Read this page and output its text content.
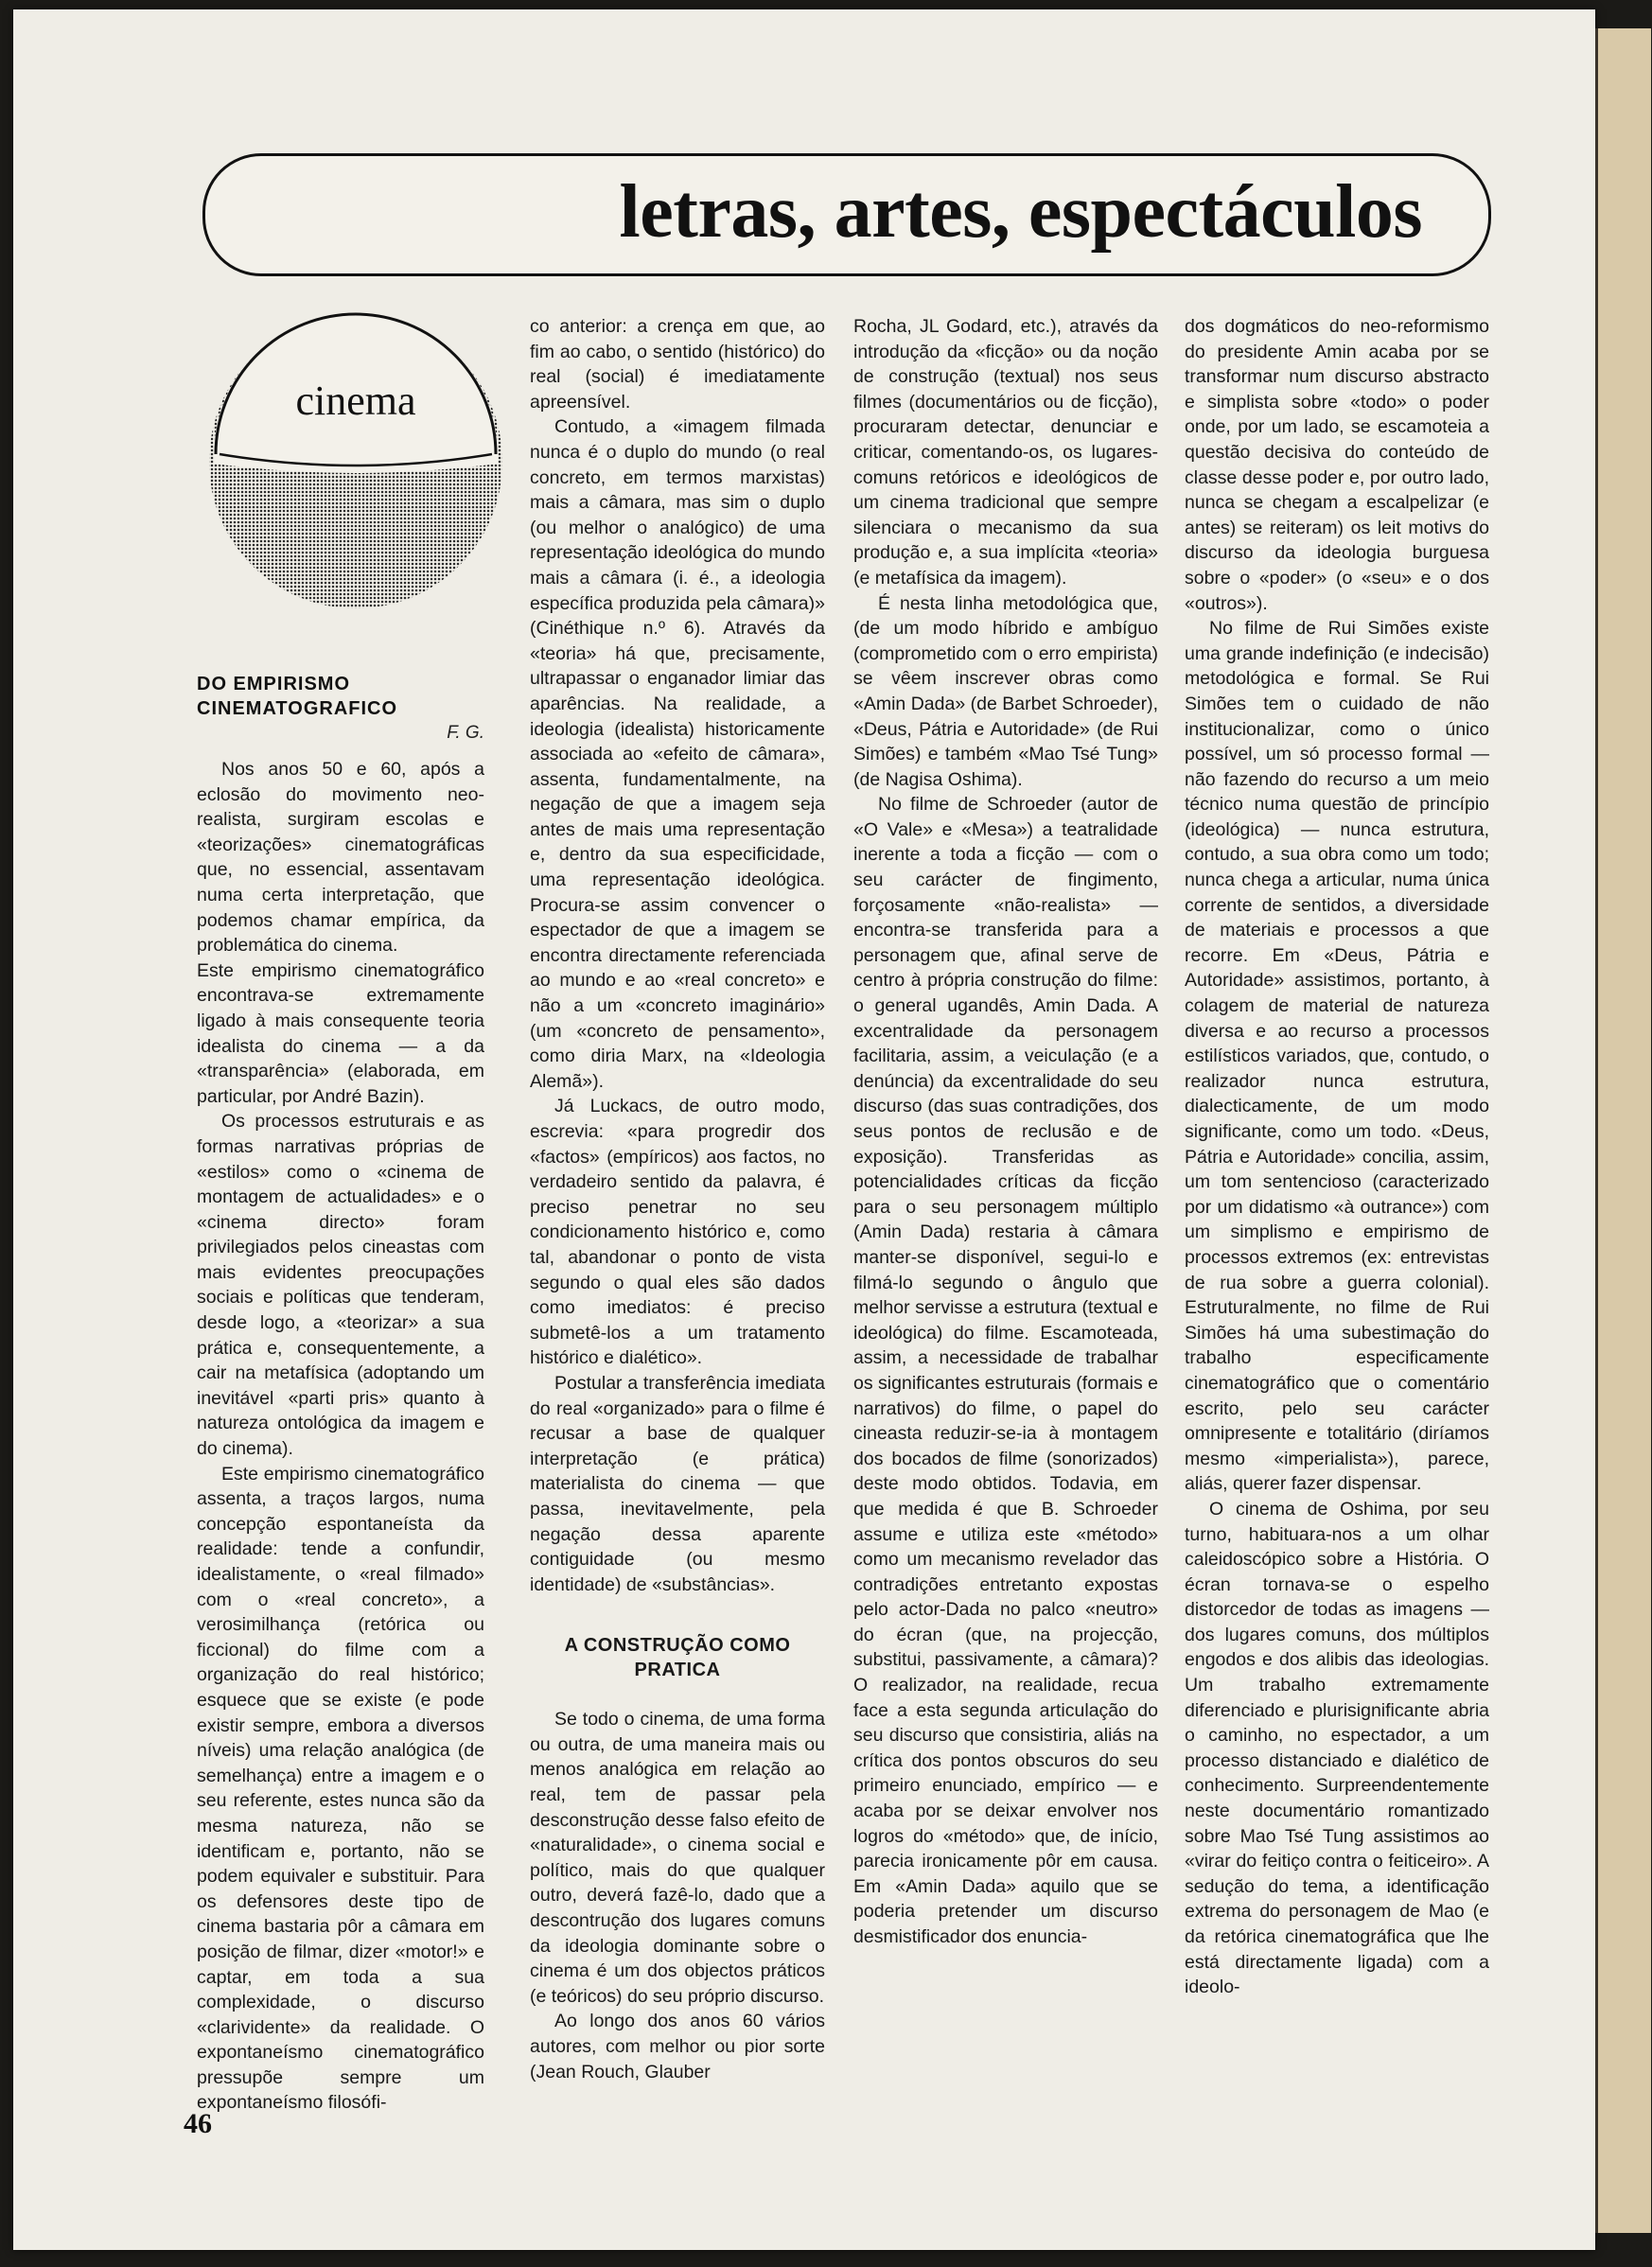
letras, artes, espectáculos
cinema
DO EMPIRISMO CINEMATOGRAFICO
F. G.

Nos anos 50 e 60, após a eclosão do movimento neo-realista, surgiram escolas e «teorizações» cinematográficas que, no essencial, assentavam numa certa interpretação, que podemos chamar empírica, da problemática do cinema.

Este empirismo cinematográfico encontrava-se extremamente ligado à mais consequente teoria idealista do cinema — a da «transparência» (elaborada, em particular, por André Bazin).

Os processos estruturais e as formas narrativas próprias de «estilos» como o «cinema de montagem de actualidades» e o «cinema directo» foram privilegiados pelos cineastas com mais evidentes preocupações sociais e políticas que tenderam, desde logo, a «teorizar» a sua prática e, consequentemente, a cair na metafísica (adoptando um inevitável «parti pris» quanto à natureza ontológica da imagem e do cinema).

Este empirismo cinematográfico assenta, a traços largos, numa concepção espontaneísta da realidade: tende a confundir, idealistamente, o «real filmado» com o «real concreto», a verosimilhança (retórica ou ficcional) do filme com a organização do real histórico; esquece que se existe (e pode existir sempre, embora a diversos níveis) uma relação analógica (de semelhança) entre a imagem e o seu referente, estes nunca são da mesma natureza, não se identificam e, portanto, não se podem equivaler e substituir. Para os defensores deste tipo de cinema bastaria pôr a câmara em posição de filmar, dizer «motor!» e captar, em toda a sua complexidade, o discurso «clarividente» da realidade. O expontaneísmo cinematográfico pressupõe sempre um expontaneísmo filosófi-

co anterior: a crença em que, ao fim ao cabo, o sentido (histórico) do real (social) é imediatamente apreensível.

Contudo, a «imagem filmada nunca é o duplo do mundo (o real concreto, em termos marxistas) mais a câmara, mas sim o duplo (ou melhor o analógico) de uma representação ideológica do mundo mais a câmara (i. é., a ideologia específica produzida pela câmara)» (Cinéthique n.º 6). Através da «teoria» há que, precisamente, ultrapassar o enganador limiar das aparências. Na realidade, a ideologia (idealista) historicamente associada ao «efeito de câmara», assenta, fundamentalmente, na negação de que a imagem seja antes de mais uma representação e, dentro da sua especificidade, uma representação ideológica. Procura-se assim convencer o espectador de que a imagem se encontra directamente referenciada ao mundo e ao «real concreto» e não a um «concreto imaginário» (um «concreto de pensamento», como diria Marx, na «Ideologia Alemã»).

Já Luckacs, de outro modo, escrevia: «para progredir dos «factos» (empíricos) aos factos, no verdadeiro sentido da palavra, é preciso penetrar no seu condicionamento histórico e, como tal, abandonar o ponto de vista segundo o qual eles são dados como imediatos: é preciso submetê-los a um tratamento histórico e dialético».

Postular a transferência imediata do real «organizado» para o filme é recusar a base de qualquer interpretação (e prática) materialista do cinema — que passa, inevitavelmente, pela negação dessa aparente contiguidade (ou mesmo identidade) de «substâncias».

A CONSTRUÇÃO COMO PRATICA

Se todo o cinema, de uma forma ou outra, de uma maneira mais ou menos analógica em relação ao real, tem de passar pela desconstrução desse falso efeito de «naturalidade», o cinema social e político, mais do que qualquer outro, deverá fazê-lo, dado que a descontrução dos lugares comuns da ideologia dominante sobre o cinema é um dos objectos práticos (e teóricos) do seu próprio discurso.

Ao longo dos anos 60 vários autores, com melhor ou pior sorte (Jean Rouch, Glauber

Rocha, JL Godard, etc.), através da introdução da «ficção» ou da noção de construção (textual) nos seus filmes (documentários ou de ficção), procuraram detectar, denunciar e criticar, comentando-os, os lugares-comuns retóricos e ideológicos de um cinema tradicional que sempre silenciara o mecanismo da sua produção e, a sua implícita «teoria» (e metafísica da imagem).

É nesta linha metodológica que, (de um modo híbrido e ambíguo (comprometido com o erro empirista) se vêem inscrever obras como «Amin Dada» (de Barbet Schroeder), «Deus, Pátria e Autoridade» (de Rui Simões) e também «Mao Tsé Tung» (de Nagisa Oshima).

No filme de Schroeder (autor de «O Vale» e «Mesa») a teatralidade inerente a toda a ficção — com o seu carácter de fingimento, forçosamente «não-realista» — encontra-se transferida para a personagem que, afinal serve de centro à própria construção do filme: o general ugandês, Amin Dada. A excentralidade da personagem facilitaria, assim, a veiculação (e a denúncia) da excentralidade do seu discurso (das suas contradições, dos seus pontos de reclusão e de exposição). Transferidas as potencialidades críticas da ficção para o seu personagem múltiplo (Amin Dada) restaria à câmara manter-se disponível, segui-lo e filmá-lo segundo o ângulo que melhor servisse a estrutura (textual e ideológica) do filme. Escamoteada, assim, a necessidade de trabalhar os significantes estruturais (formais e narrativos) do filme, o papel do cineasta reduzir-se-ia à montagem dos bocados de filme (sonorizados) deste modo obtidos. Todavia, em que medida é que B. Schroeder assume e utiliza este «método» como um mecanismo revelador das contradições entretanto expostas pelo actor-Dada no palco «neutro» do écran (que, na projecção, substitui, passivamente, a câmara)? O realizador, na realidade, recua face a esta segunda articulação do seu discurso que consistiria, aliás na crítica dos pontos obscuros do seu primeiro enunciado, empírico — e acaba por se deixar envolver nos logros do «método» que, de início, parecia ironicamente pôr em causa. Em «Amin Dada» aquilo que se poderia pretender um discurso desmistificador dos enuncia-

dos dogmáticos do neo-reformismo do presidente Amin acaba por se transformar num discurso abstracto e simplista sobre «todo» o poder onde, por um lado, se escamoteia a questão decisiva do conteúdo de classe desse poder e, por outro lado, nunca se chegam a escalpelizar (e antes) se reiteram) os leit motivs do discurso da ideologia burguesa sobre o «poder» (o «seu» e o dos «outros»).

No filme de Rui Simões existe uma grande indefinição (e indecisão) metodológica e formal. Se Rui Simões tem o cuidado de não institucionalizar, como o único possível, um só processo formal — não fazendo do recurso a um meio técnico numa questão de princípio (ideológica) — nunca estrutura, contudo, a sua obra como um todo; nunca chega a articular, numa única corrente de sentidos, a diversidade de materiais e processos a que recorre. Em «Deus, Pátria e Autoridade» assistimos, portanto, à colagem de material de natureza diversa e ao recurso a processos estilísticos variados, que, contudo, o realizador nunca estrutura, dialecticamente, de um modo significante, como um todo. «Deus, Pátria e Autoridade» concilia, assim, um tom sentencioso (caracterizado por um didatismo «à outrance») com um simplismo e empirismo de processos extremos (ex: entrevistas de rua sobre a guerra colonial). Estruturalmente, no filme de Rui Simões há uma subestimação do trabalho especificamente cinematográfico que o comentário escrito, pelo seu carácter omnipresente e totalitário (diríamos mesmo «imperialista»), parece, aliás, querer fazer dispensar.

O cinema de Oshima, por seu turno, habituara-nos a um olhar caleidoscópico sobre a História. O écran tornava-se o espelho distorcedor de todas as imagens — dos lugares comuns, dos múltiplos engodos e dos alibis das ideologias. Um trabalho extremamente diferenciado e plurisignificante abria o caminho, no espectador, a um processo distanciado e dialético de conhecimento. Surpreendentemente neste documentário romantizado sobre Mao Tsé Tung assistimos ao «virar do feitiço contra o feiticeiro». A sedução do tema, a identificação extrema do personagem de Mao (e da retórica cinematográfica que lhe está directamente ligada) com a ideolo-

46
